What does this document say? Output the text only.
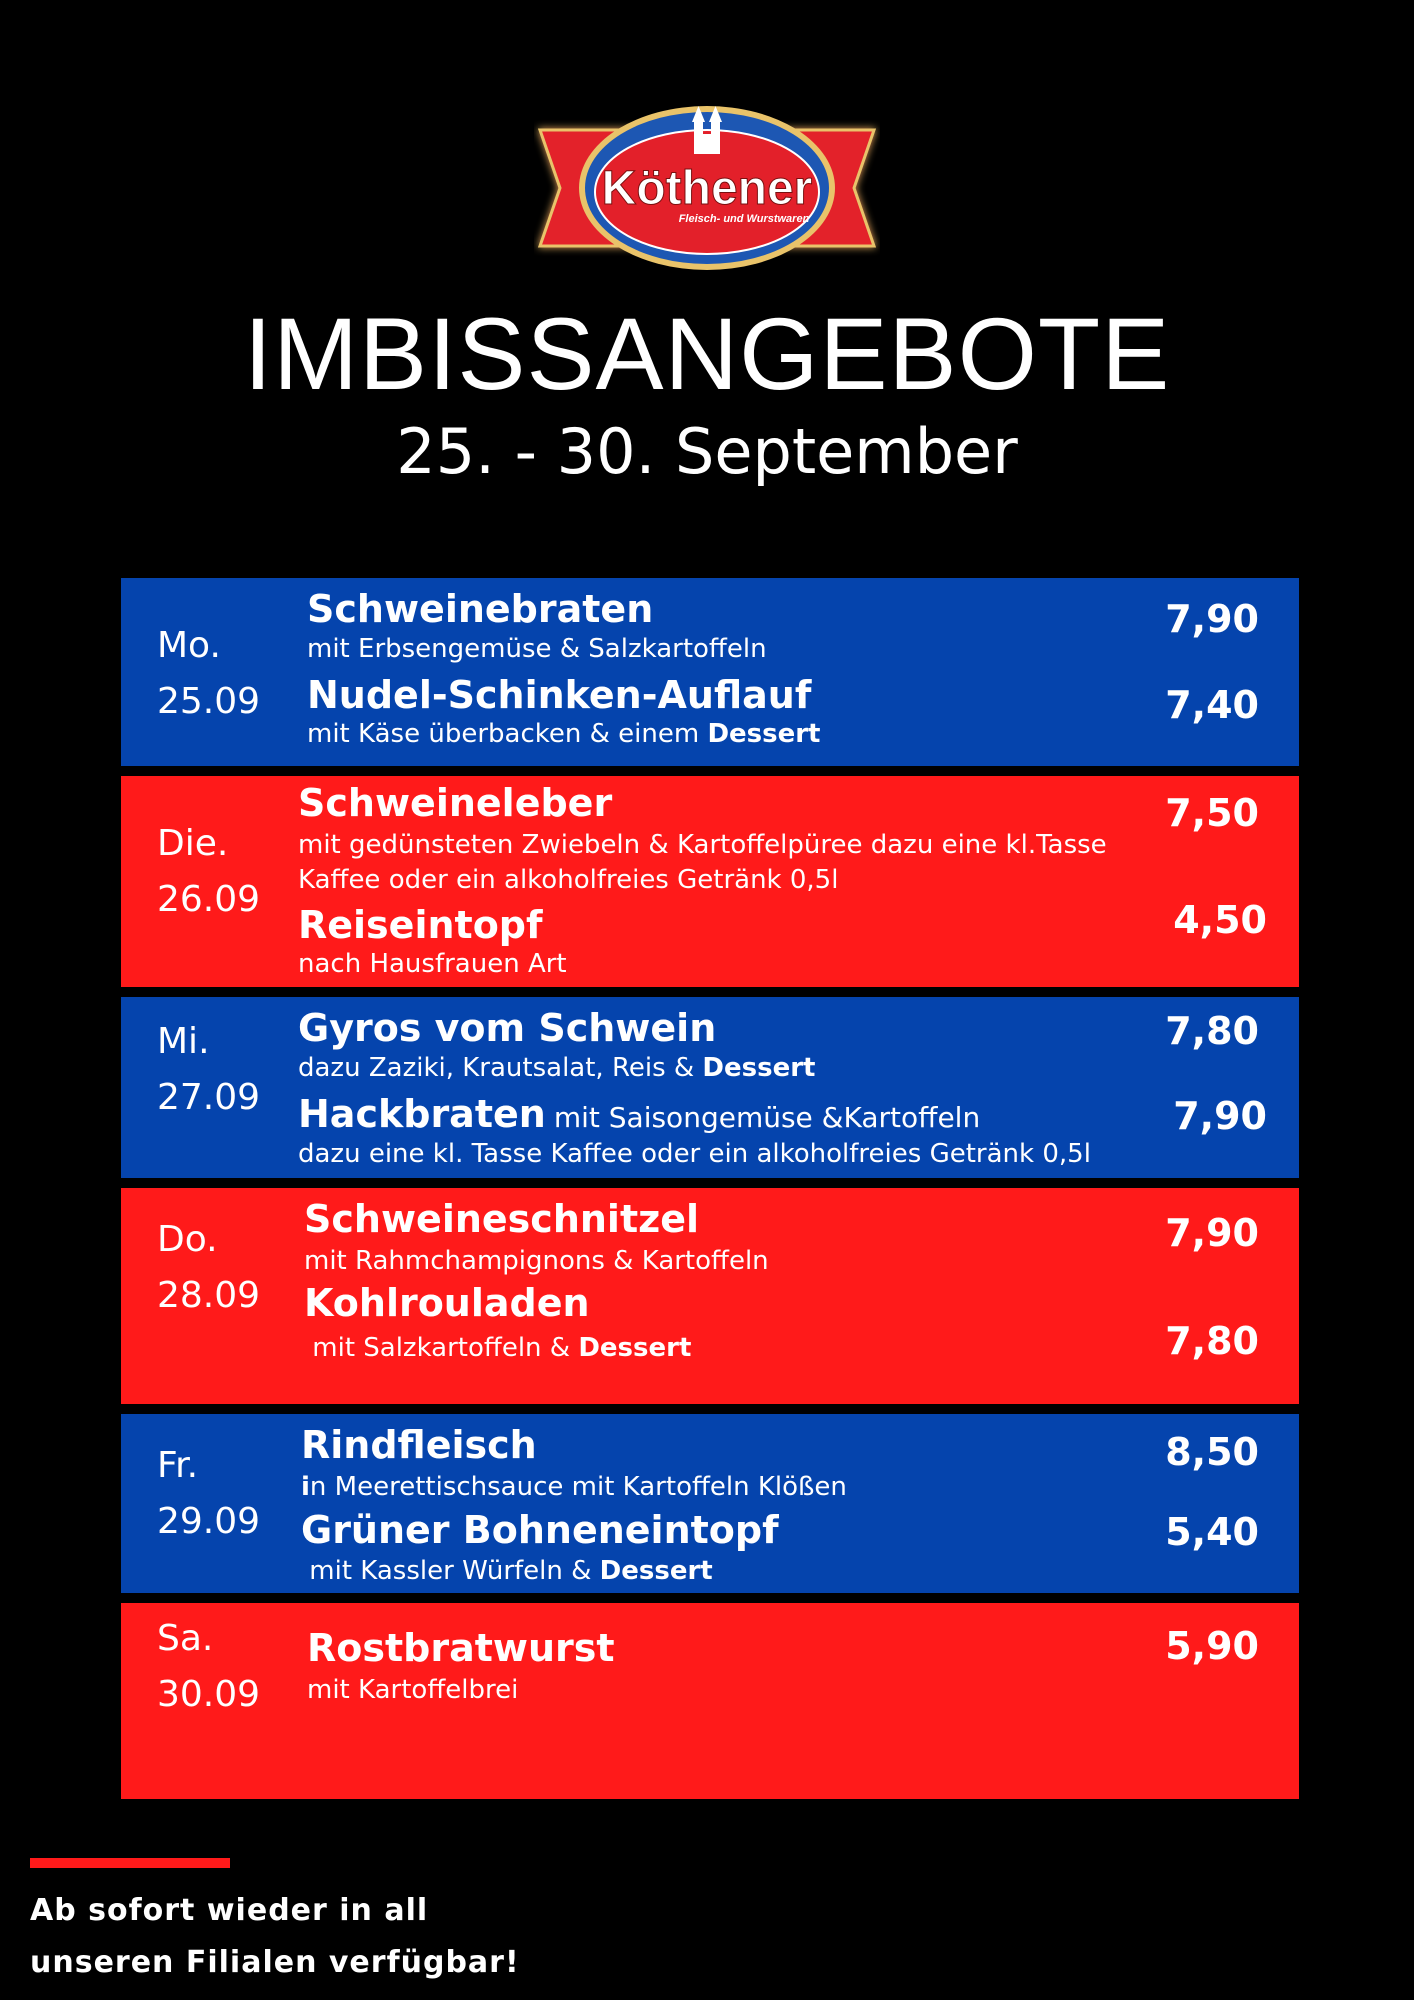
Köthener
Fleisch- und Wurstwaren
IMBISSANGEBOTE
25. - 30. September
Mo.
25.09
Schweinebraten
mit Erbsengemüse & Salzkartoffeln
7,90
Nudel-Schinken-Auflauf
mit Käse überbacken & einem Dessert
7,40
Die.
26.09
Schweineleber
mit gedünsteten Zwiebeln & Kartoffelpüree dazu eine kl.Tasse
Kaffee oder ein alkoholfreies Getränk 0,5l
7,50
Reiseintopf
nach Hausfrauen Art
4,50
Mi.
27.09
Gyros vom Schwein
dazu Zaziki, Krautsalat, Reis & Dessert
7,80
Hackbraten mit Saisongemüse &Kartoffeln
dazu eine kl. Tasse Kaffee oder ein alkoholfreies Getränk 0,5l
7,90
Do.
28.09
Schweineschnitzel
mit Rahmchampignons & Kartoffeln
7,90
Kohlrouladen
mit Salzkartoffeln & Dessert	7,80
Fr.
29.09
Rindfleisch
in Meerettischsauce mit Kartoffeln Klößen
8,50
Grüner Bohneneintopf
mit Kassler Würfeln & Dessert
5,40
Sa.
30.09
Rostbratwurst
mit Kartoffelbrei
5,90
Ab sofort wieder in all
unseren Filialen verfügbar!
